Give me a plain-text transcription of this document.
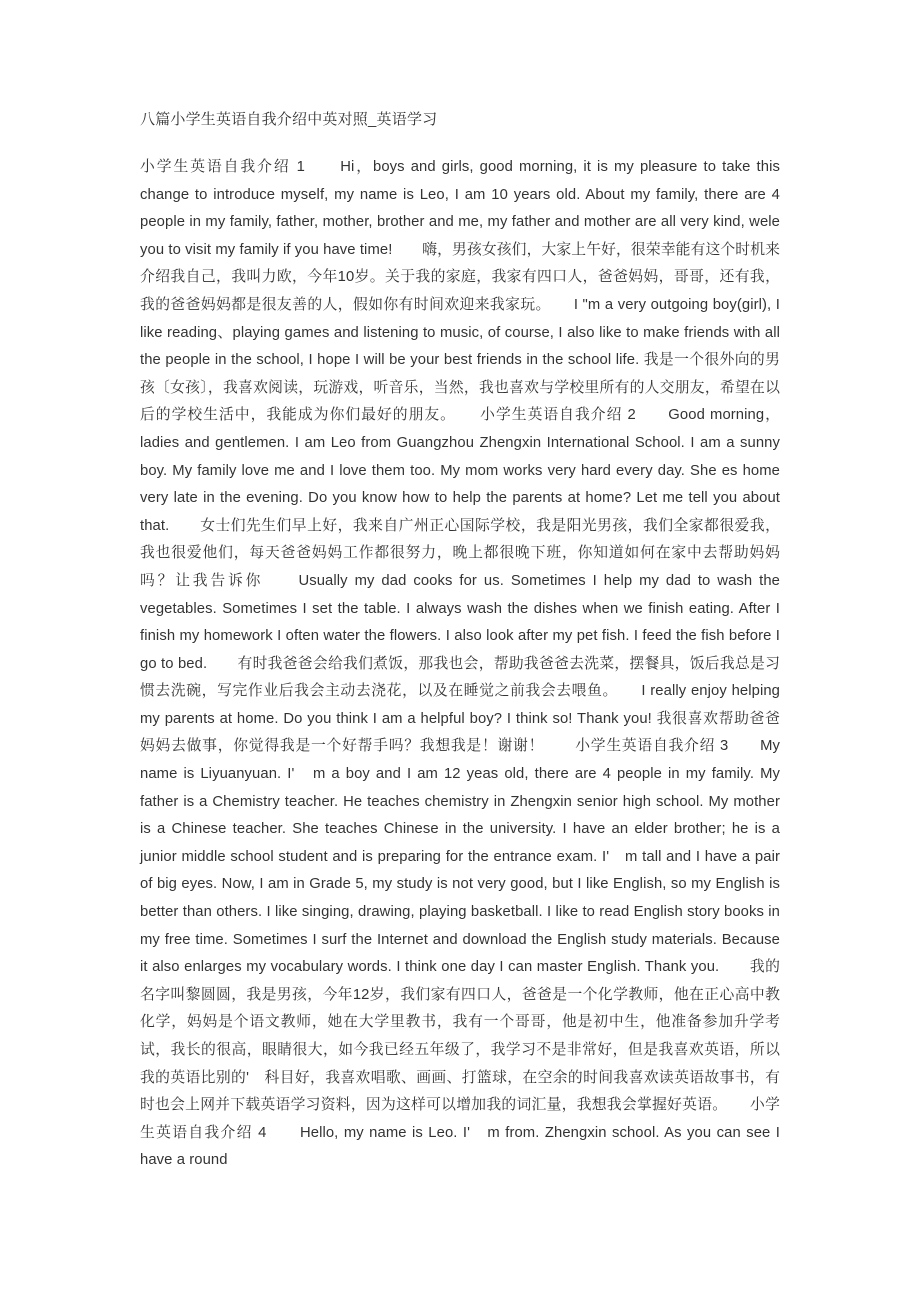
八篇小学生英语自我介绍中英对照_英语学习
小学生英语自我介绍 1　　Hi，boys and girls, good morning, it is my pleasure to take this change to introduce myself, my name is Leo, I am 10 years old. About my family, there are 4 people in my family, father, mother, brother and me, my father and mother are all very kind, wele you to visit my family if you have time!　　嗨，男孩女孩们，大家上午好，很荣幸能有这个时机来介绍我自己，我叫力欧，今年10岁。关于我的家庭，我家有四口人，爸爸妈妈，哥哥，还有我，我的爸爸妈妈都是很友善的人，假如你有时间欢迎来我家玩。　　I "m a very outgoing boy(girl), I like reading、playing games and listening to music, of course, I also like to make friends with all the people in the school, I hope I will be your best friends in the school life. 我是一个很外向的男孩〔女孩〕，我喜欢阅读，玩游戏，听音乐，当然，我也喜欢与学校里所有的人交朋友，希望在以后的学校生活中，我能成为你们最好的朋友。　　小学生英语自我介绍 2　　Good morning，ladies and gentlemen. I am Leo from Guangzhou Zhengxin International School. I am a sunny boy. My family love me and I love them too. My mom works very hard every day. She es home very late in the evening. Do you know how to help the parents at home? Let me tell you about that.　　女士们先生们早上好，我来自广州正心国际学校，我是阳光男孩，我们全家都很爱我，我也很爱他们，每天爸爸妈妈工作都很努力，晚上都很晚下班，你知道如何在家中去帮助妈妈吗？让我告诉你　　Usually my dad cooks for us. Sometimes I help my dad to wash the vegetables. Sometimes I set the table. I always wash the dishes when we finish eating. After I finish my homework I often water the flowers. I also look after my pet fish. I feed the fish before I go to bed.　　有时我爸爸会给我们煮饭，那我也会，帮助我爸爸去洗菜，摆餐具，饭后我总是习惯去洗碗，写完作业后我会主动去浇花，以及在睡觉之前我会去喂鱼。　　I really enjoy helping my parents at home. Do you think I am a helpful boy? I think so! Thank you! 我很喜欢帮助爸爸妈妈去做事，你觉得我是一个好帮手吗？我想我是！谢谢！　　小学生英语自我介绍 3　　My name is Liyuanyuan. I'　m a boy and I am 12 yeas old, there are 4 people in my family. My father is a Chemistry teacher. He teaches chemistry in Zhengxin senior high school. My mother is a Chinese teacher. She teaches Chinese in the university. I have an elder brother; he is a junior middle school student and is preparing for the entrance exam. I'　m tall and I have a pair of big eyes. Now, I am in Grade 5, my study is not very good, but I like English, so my English is better than others. I like singing, drawing, playing basketball. I like to read English story books in my free time. Sometimes I surf the Internet and download the English study materials. Because it also enlarges my vocabulary words. I think one day I can master English. Thank you.　　我的名字叫黎圆圆，我是男孩，今年12岁，我们家有四口人，爸爸是一个化学教师，他在正心高中教化学，妈妈是个语文教师，她在大学里教书，我有一个哥哥，他是初中生，他准备参加升学考试，我长的很高，眼睛很大，如今我已经五年级了，我学习不是非常好，但是我喜欢英语，所以我的英语比别的'　科目好，我喜欢唱歌、画画、打篮球，在空余的时间我喜欢读英语故事书，有时也会上网并下载英语学习资料，因为这样可以增加我的词汇量，我想我会掌握好英语。　　小学生英语自我介绍 4　　Hello, my name is Leo. I'　m from. Zhengxin school. As you can see I have a round
